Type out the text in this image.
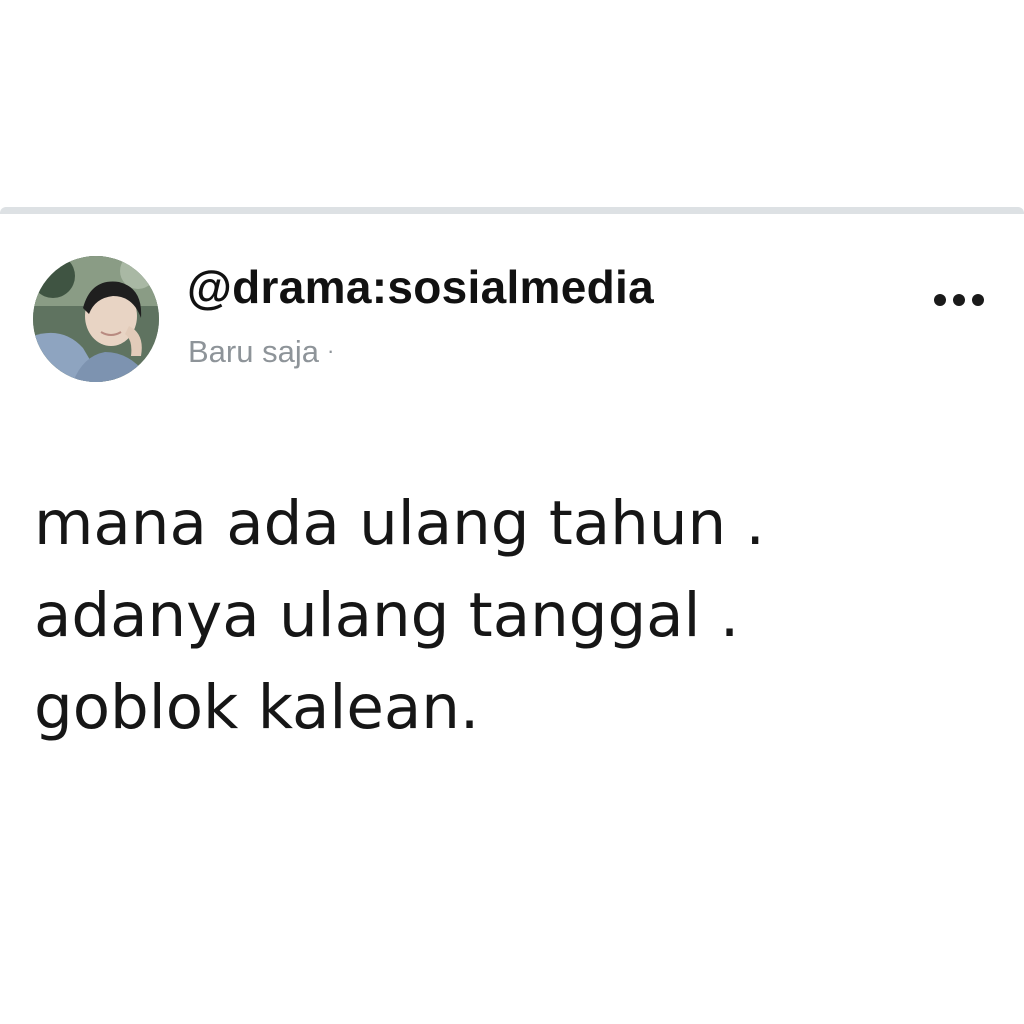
@drama:sosialmedia
Baru saja ·
mana ada ulang tahun .
adanya ulang tanggal .
goblok kalean.
